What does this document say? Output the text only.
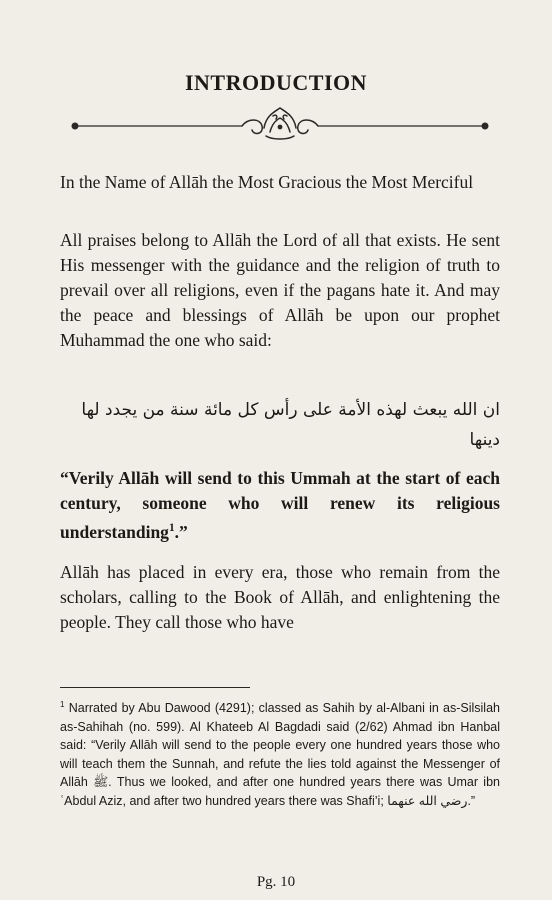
INTRODUCTION
In the Name of Allāh the Most Gracious the Most Merciful
All praises belong to Allāh the Lord of all that exists. He sent His messenger with the guidance and the religion of truth to prevail over all religions, even if the pagans hate it. And may the peace and blessings of Allāh be upon our prophet Muhammad the one who said:
ان الله يبعث لهذه الأمة على رأس كل مائة سنة من يجدد لها دينها
“Verily Allāh will send to this Ummah at the start of each century, someone who will renew its religious understanding$^1$.”
Allāh has placed in every era, those who remain from the scholars, calling to the Book of Allāh, and enlightening the people. They call those who have
$^1$ Narrated by Abu Dawood (4291); classed as Sahih by al-Albani in as-Silsilah as-Sahihah (no. 599). Al Khateeb Al Bagdadi said (2/62) Ahmad ibn Hanbal said: “Verily Allāh will send to the people every one hundred years those who will teach them the Sunnah, and refute the lies told against the Messenger of Allāh ﷺ. Thus we looked, and after one hundred years there was Umar ibn ʿAbdul Aziz, and after two hundred years there was Shafi’i; رضي الله عنهما.”
Pg. 10
